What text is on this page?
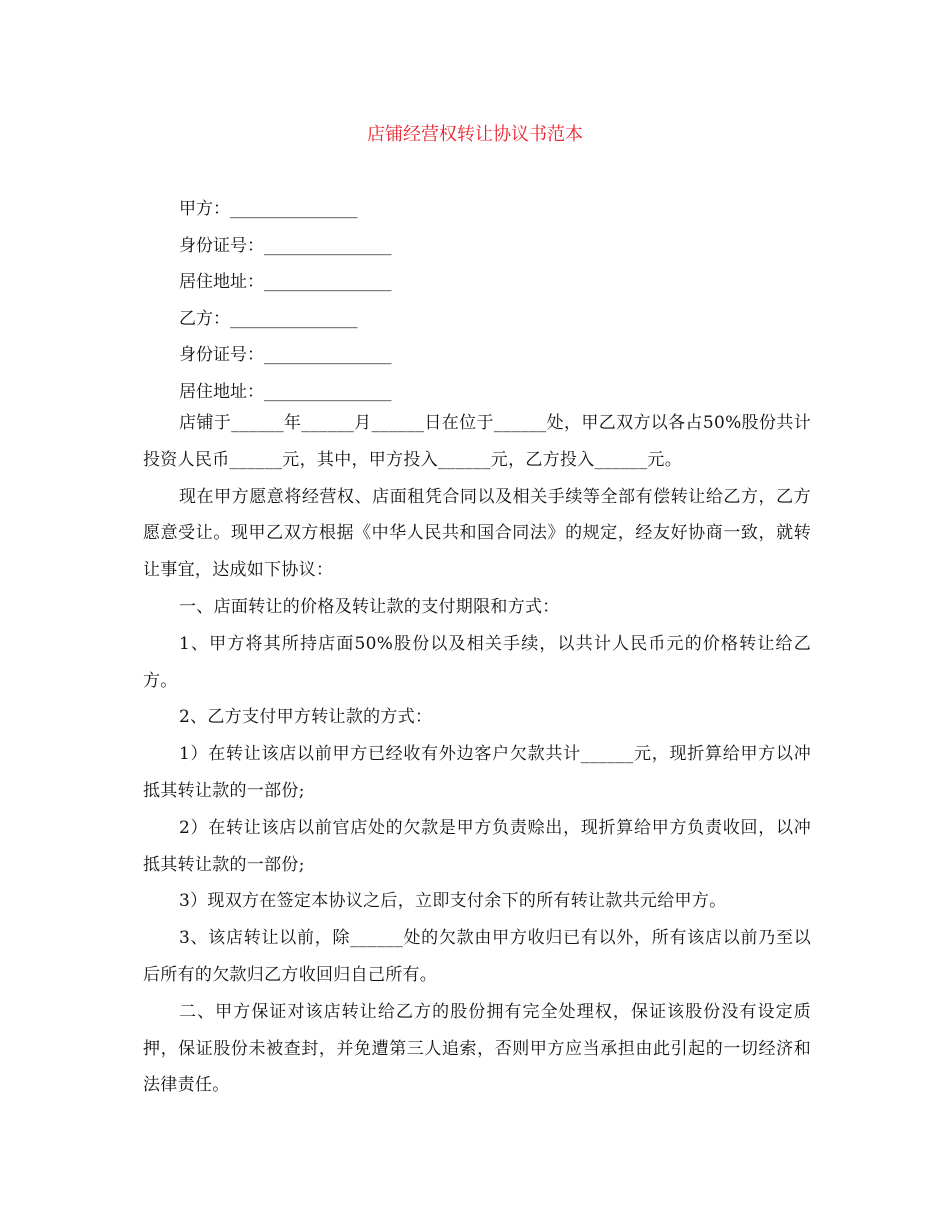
店铺经营权转让协议书范本
甲方：_______________
身份证号：_______________
居住地址：_______________
乙方：_______________
身份证号：_______________
居住地址：_______________

店铺于______年______月______日在位于______处，甲乙双方以各占50%股份共计投资人民币______元，其中，甲方投入______元，乙方投入______元。

现在甲方愿意将经营权、店面租凭合同以及相关手续等全部有偿转让给乙方，乙方愿意受让。现甲乙双方根据《中华人民共和国合同法》的规定，经友好协商一致，就转让事宜，达成如下协议：

一、店面转让的价格及转让款的支付期限和方式：

1、甲方将其所持店面50%股份以及相关手续，以共计人民币元的价格转让给乙方。

2、乙方支付甲方转让款的方式：

1）在转让该店以前甲方已经收有外边客户欠款共计______元，现折算给甲方以冲抵其转让款的一部份;

2）在转让该店以前官店处的欠款是甲方负责赊出，现折算给甲方负责收回，以冲抵其转让款的一部份;

3）现双方在签定本协议之后，立即支付余下的所有转让款共元给甲方。

3、该店转让以前，除______处的欠款由甲方收归已有以外，所有该店以前乃至以后所有的欠款归乙方收回归自己所有。

二、甲方保证对该店转让给乙方的股份拥有完全处理权，保证该股份没有设定质押，保证股份未被查封，并免遭第三人追索，否则甲方应当承担由此引起的一切经济和法律责任。
